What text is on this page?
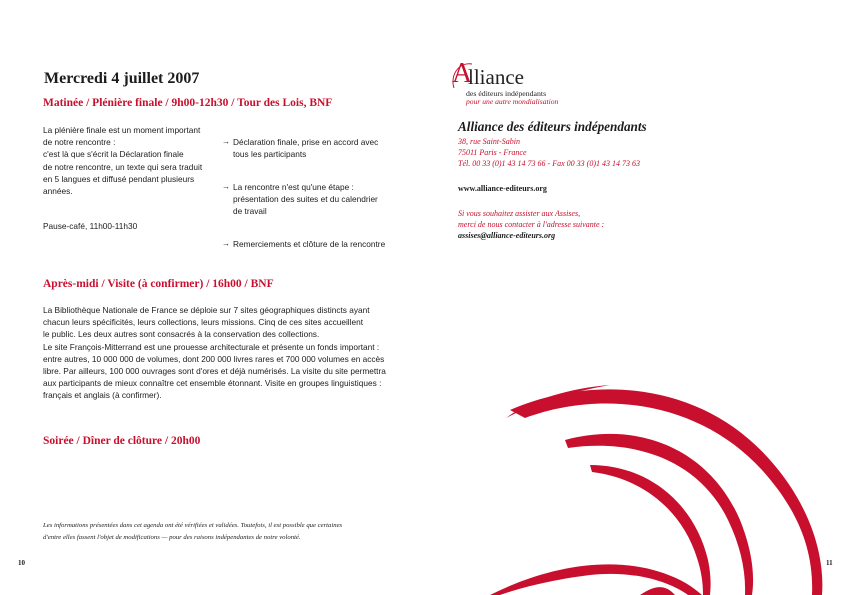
Mercredi 4 juillet 2007
Matinée / Plénière finale / 9h00-12h30 / Tour des Lois, BNF
La plénière finale est un moment important
de notre rencontre :
c'est là que s'écrit la Déclaration finale
de notre rencontre, un texte qui sera traduit
en 5 langues et diffusé pendant plusieurs
années.

→ Déclaration finale, prise en accord avec
tous les participants

→ La rencontre n'est qu'une étape :
présentation des suites et du calendrier
de travail

→ Remerciements et clôture de la rencontre

Pause-café, 11h00-11h30
Après-midi / Visite (à confirmer) / 16h00 / BNF
La Bibliothèque Nationale de France se déploie sur 7 sites géographiques distincts ayant
chacun leurs spécificités, leurs collections, leurs missions. Cinq de ces sites accueillent
le public. Les deux autres sont consacrés à la conservation des collections.
Le site François-Mitterrand est une prouesse architecturale et présente un fonds important :
entre autres, 10 000 000 de volumes, dont 200 000 livres rares et 700 000 volumes en accès
libre. Par ailleurs, 100 000 ouvrages sont d'ores et déjà numérisés. La visite du site permettra
aux participants de mieux connaître cet ensemble étonnant. Visite en groupes linguistiques :
français et anglais (à confirmer).
Soirée / Dîner de clôture / 20h00
Les informations présentées dans cet agenda ont été vérifiées et validées. Toutefois, il est possible que certaines
d'entre elles fassent l'objet de modifications — pour des raisons indépendantes de notre volonté.
10
A
lliance
des éditeurs indépendants
pour une autre mondialisation
Alliance des éditeurs indépendants
38, rue Saint-Sabin
75011 Paris - France
Tél. 00 33 (0)1 43 14 73 66 - Fax 00 33 (0)1 43 14 73 63
www.alliance-editeurs.org
Si vous souhaitez assister aux Assises,
merci de nous contacter à l'adresse suivante :
assises@alliance-editeurs.org
11
